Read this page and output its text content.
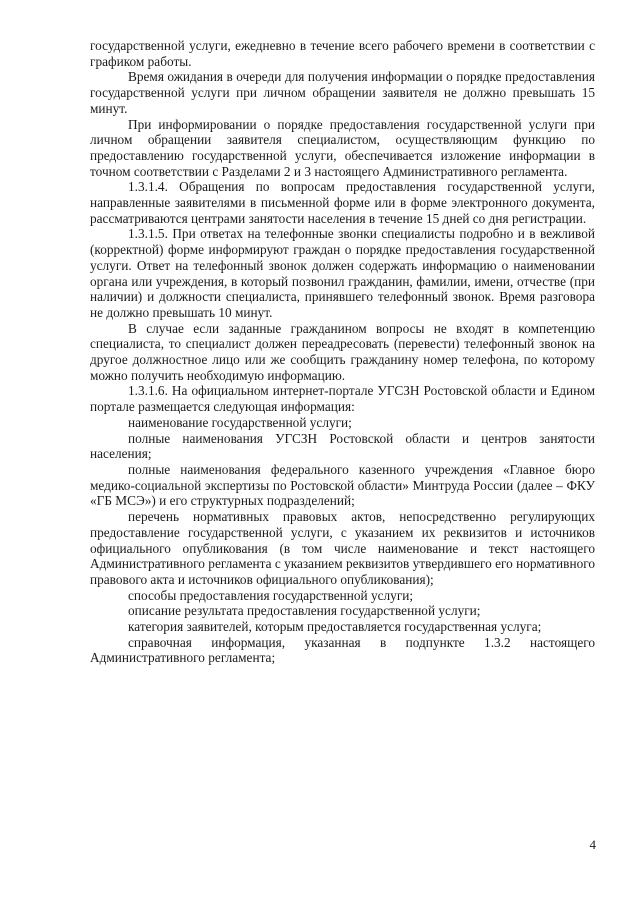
государственной услуги, ежедневно в течение всего рабочего времени в соответствии с графиком работы.

Время ожидания в очереди для получения информации о порядке предоставления государственной услуги при личном обращении заявителя не должно превышать 15 минут.

При информировании о порядке предоставления государственной услуги при личном обращении заявителя специалистом, осуществляющим функцию по предоставлению государственной услуги, обеспечивается изложение информации в точном соответствии с Разделами 2 и 3 настоящего Административного регламента.

1.3.1.4. Обращения по вопросам предоставления государственной услуги, направленные заявителями в письменной форме или в форме электронного документа, рассматриваются центрами занятости населения в течение 15 дней со дня регистрации.

1.3.1.5. При ответах на телефонные звонки специалисты подробно и в вежливой (корректной) форме информируют граждан о порядке предоставления государственной услуги. Ответ на телефонный звонок должен содержать информацию о наименовании органа или учреждения, в который позвонил гражданин, фамилии, имени, отчестве (при наличии) и должности специалиста, принявшего телефонный звонок. Время разговора не должно превышать 10 минут.

В случае если заданные гражданином вопросы не входят в компетенцию специалиста, то специалист должен переадресовать (перевести) телефонный звонок на другое должностное лицо или же сообщить гражданину номер телефона, по которому можно получить необходимую информацию.

1.3.1.6. На официальном интернет-портале УГСЗН Ростовской области и Едином портале размещается следующая информация:

наименование государственной услуги;

полные наименования УГСЗН Ростовской области и центров занятости населения;

полные наименования федерального казенного учреждения «Главное бюро медико-социальной экспертизы по Ростовской области» Минтруда России (далее – ФКУ «ГБ МСЭ») и его структурных подразделений;

перечень нормативных правовых актов, непосредственно регулирующих предоставление государственной услуги, с указанием их реквизитов и источников официального опубликования (в том числе наименование и текст настоящего Административного регламента с указанием реквизитов утвердившего его нормативного правового акта и источников официального опубликования);

способы предоставления государственной услуги;

описание результата предоставления государственной услуги;

категория заявителей, которым предоставляется государственная услуга;

справочная информация, указанная в подпункте 1.3.2 настоящего Административного регламента;

4
